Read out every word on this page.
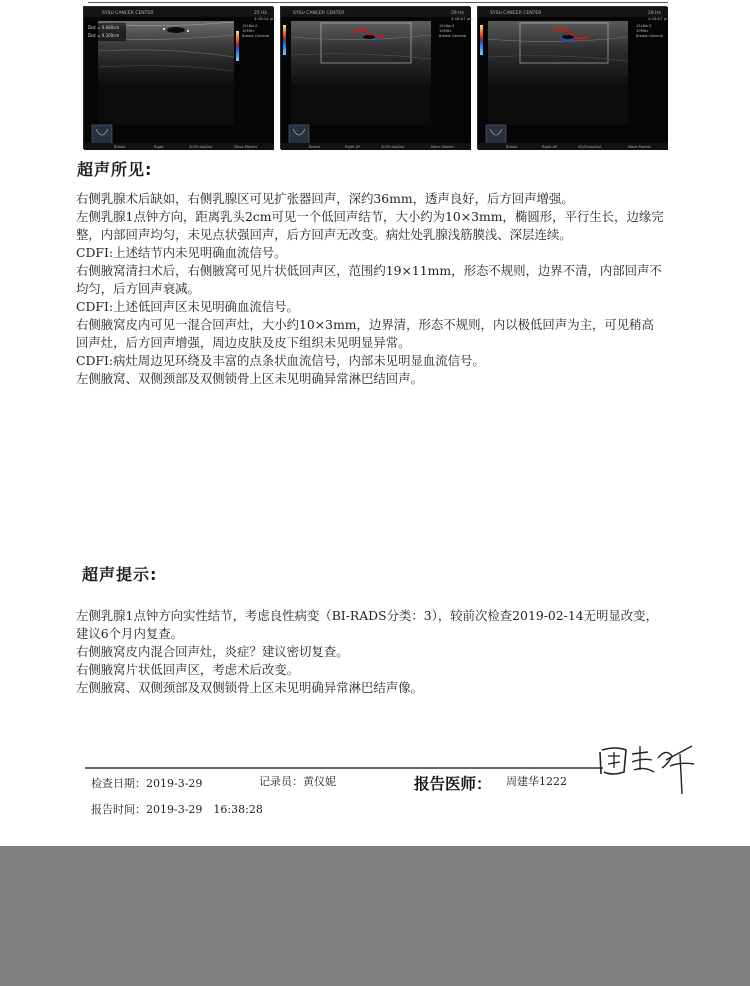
SYSU CANCER CENTER	25 Hz
4:18:14 pm
15L8w-S
10MHz
Breast-General
Dist = 0.660cm
Dist = 0.300cm
Breast	Right	SO/Echo/Dlut	Move Marker
SYSU CANCER CENTER	29 Hz
4:18:07 pm
15L8w-S
10MHz
Breast-General
Breast	Right AP	SO/Echo/Dlut	Move Marker
SYSU CANCER CENTER	29 Hz
4:18:07 pm
15L8w-S
10MHz
Breast-General
Breast	Right AP	SO/Echo/Dlut	Move Marker
超声所见:

右侧乳腺术后缺如，右侧乳腺区可见扩张器回声，深约36mm，透声良好，后方回声增强。

左侧乳腺1点钟方向，距离乳头2cm可见一个低回声结节，大小约为10×3mm，椭圆形，平行生长，边缘完整，内部回声均匀，未见点状强回声，后方回声无改变。病灶处乳腺浅筋膜浅、深层连续。

CDFI:上述结节内未见明确血流信号。

右侧腋窝清扫术后，右侧腋窝可见片状低回声区，范围约19×11mm，形态不规则，边界不清，内部回声不均匀，后方回声衰减。

CDFI:上述低回声区未见明确血流信号。

右侧腋窝皮内可见一混合回声灶，大小约10×3mm，边界清，形态不规则，内以极低回声为主，可见稍高回声灶，后方回声增强，周边皮肤及皮下组织未见明显异常。

CDFI:病灶周边见环绕及丰富的点条状血流信号，内部未见明显血流信号。

左侧腋窝、双侧颈部及双侧锁骨上区未见明确异常淋巴结回声。

超声提示:

左侧乳腺1点钟方向实性结节，考虑良性病变（BI-RADS分类：3），较前次检查2019-02-14无明显改变，建议6个月内复查。

右侧腋窝皮内混合回声灶，炎症？建议密切复查。

右侧腋窝片状低回声区，考虑术后改变。

左侧腋窝、双侧颈部及双侧锁骨上区未见明确异常淋巴结声像。

检查日期：2019-3-29	记录员：黄仪妮	报告医师： 周建华1222
报告时间：2019-3-29　16:38:28
